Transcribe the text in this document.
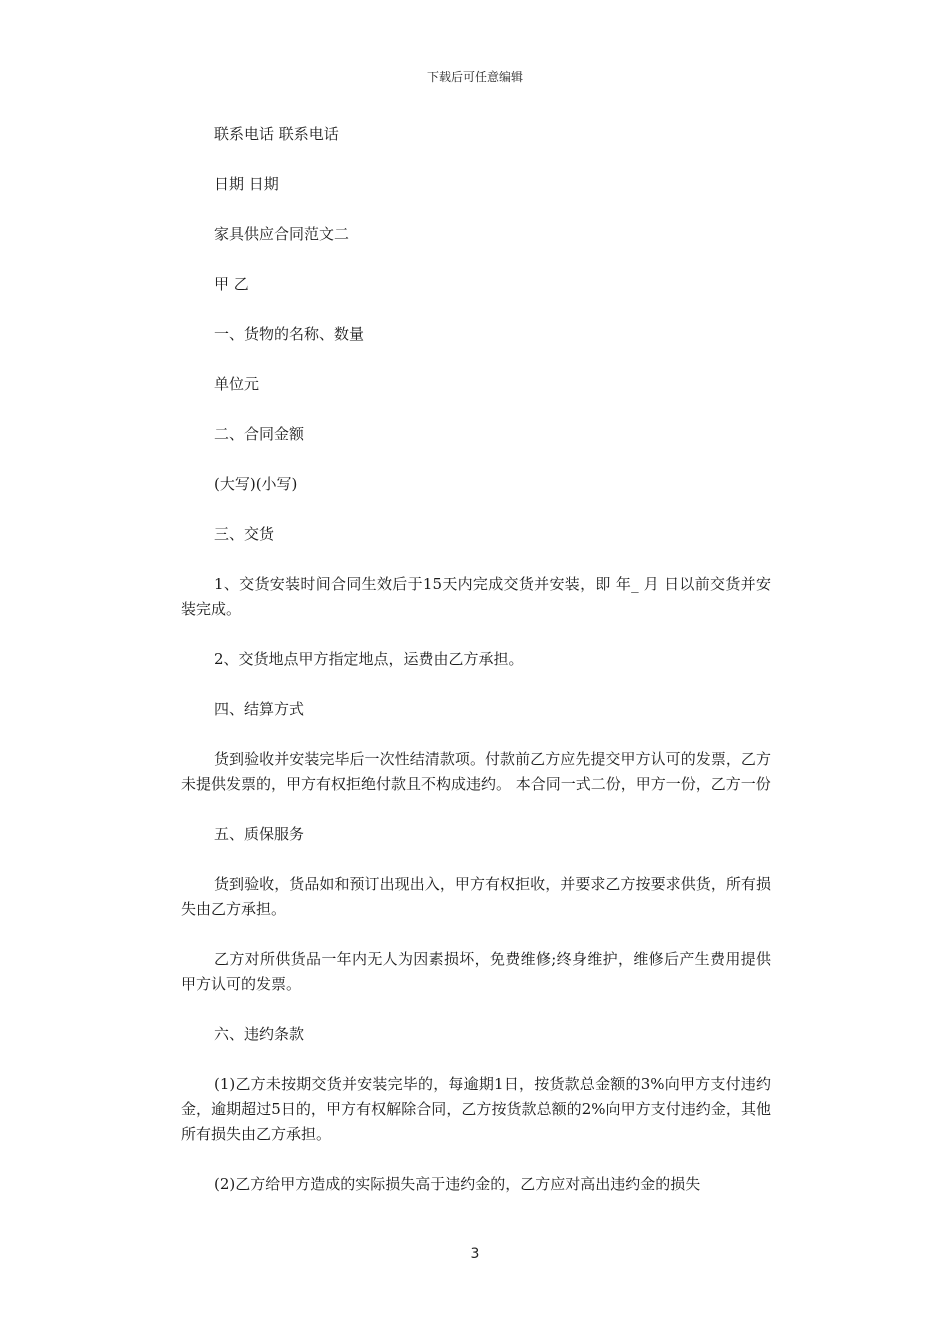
下载后可任意编辑

联系电话 联系电话

日期 日期

家具供应合同范文二

甲 乙

一、货物的名称、数量

单位元

二、合同金额

(大写)(小写)

三、交货

1、交货安装时间合同生效后于15天内完成交货并安装，即 年_ 月 日以前交货并安装完成。

2、交货地点甲方指定地点，运费由乙方承担。

四、结算方式

货到验收并安装完毕后一次性结清款项。付款前乙方应先提交甲方认可的发票，乙方未提供发票的，甲方有权拒绝付款且不构成违约。 本合同一式二份，甲方一份，乙方一份

五、质保服务

货到验收，货品如和预订出现出入，甲方有权拒收，并要求乙方按要求供货，所有损失由乙方承担。

乙方对所供货品一年内无人为因素损坏，免费维修;终身维护，维修后产生费用提供甲方认可的发票。

六、违约条款

(1)乙方未按期交货并安装完毕的，每逾期1日，按货款总金额的3%向甲方支付违约金，逾期超过5日的，甲方有权解除合同，乙方按货款总额的2%向甲方支付违约金，其他所有损失由乙方承担。

(2)乙方给甲方造成的实际损失高于违约金的，乙方应对高出违约金的损失

3
